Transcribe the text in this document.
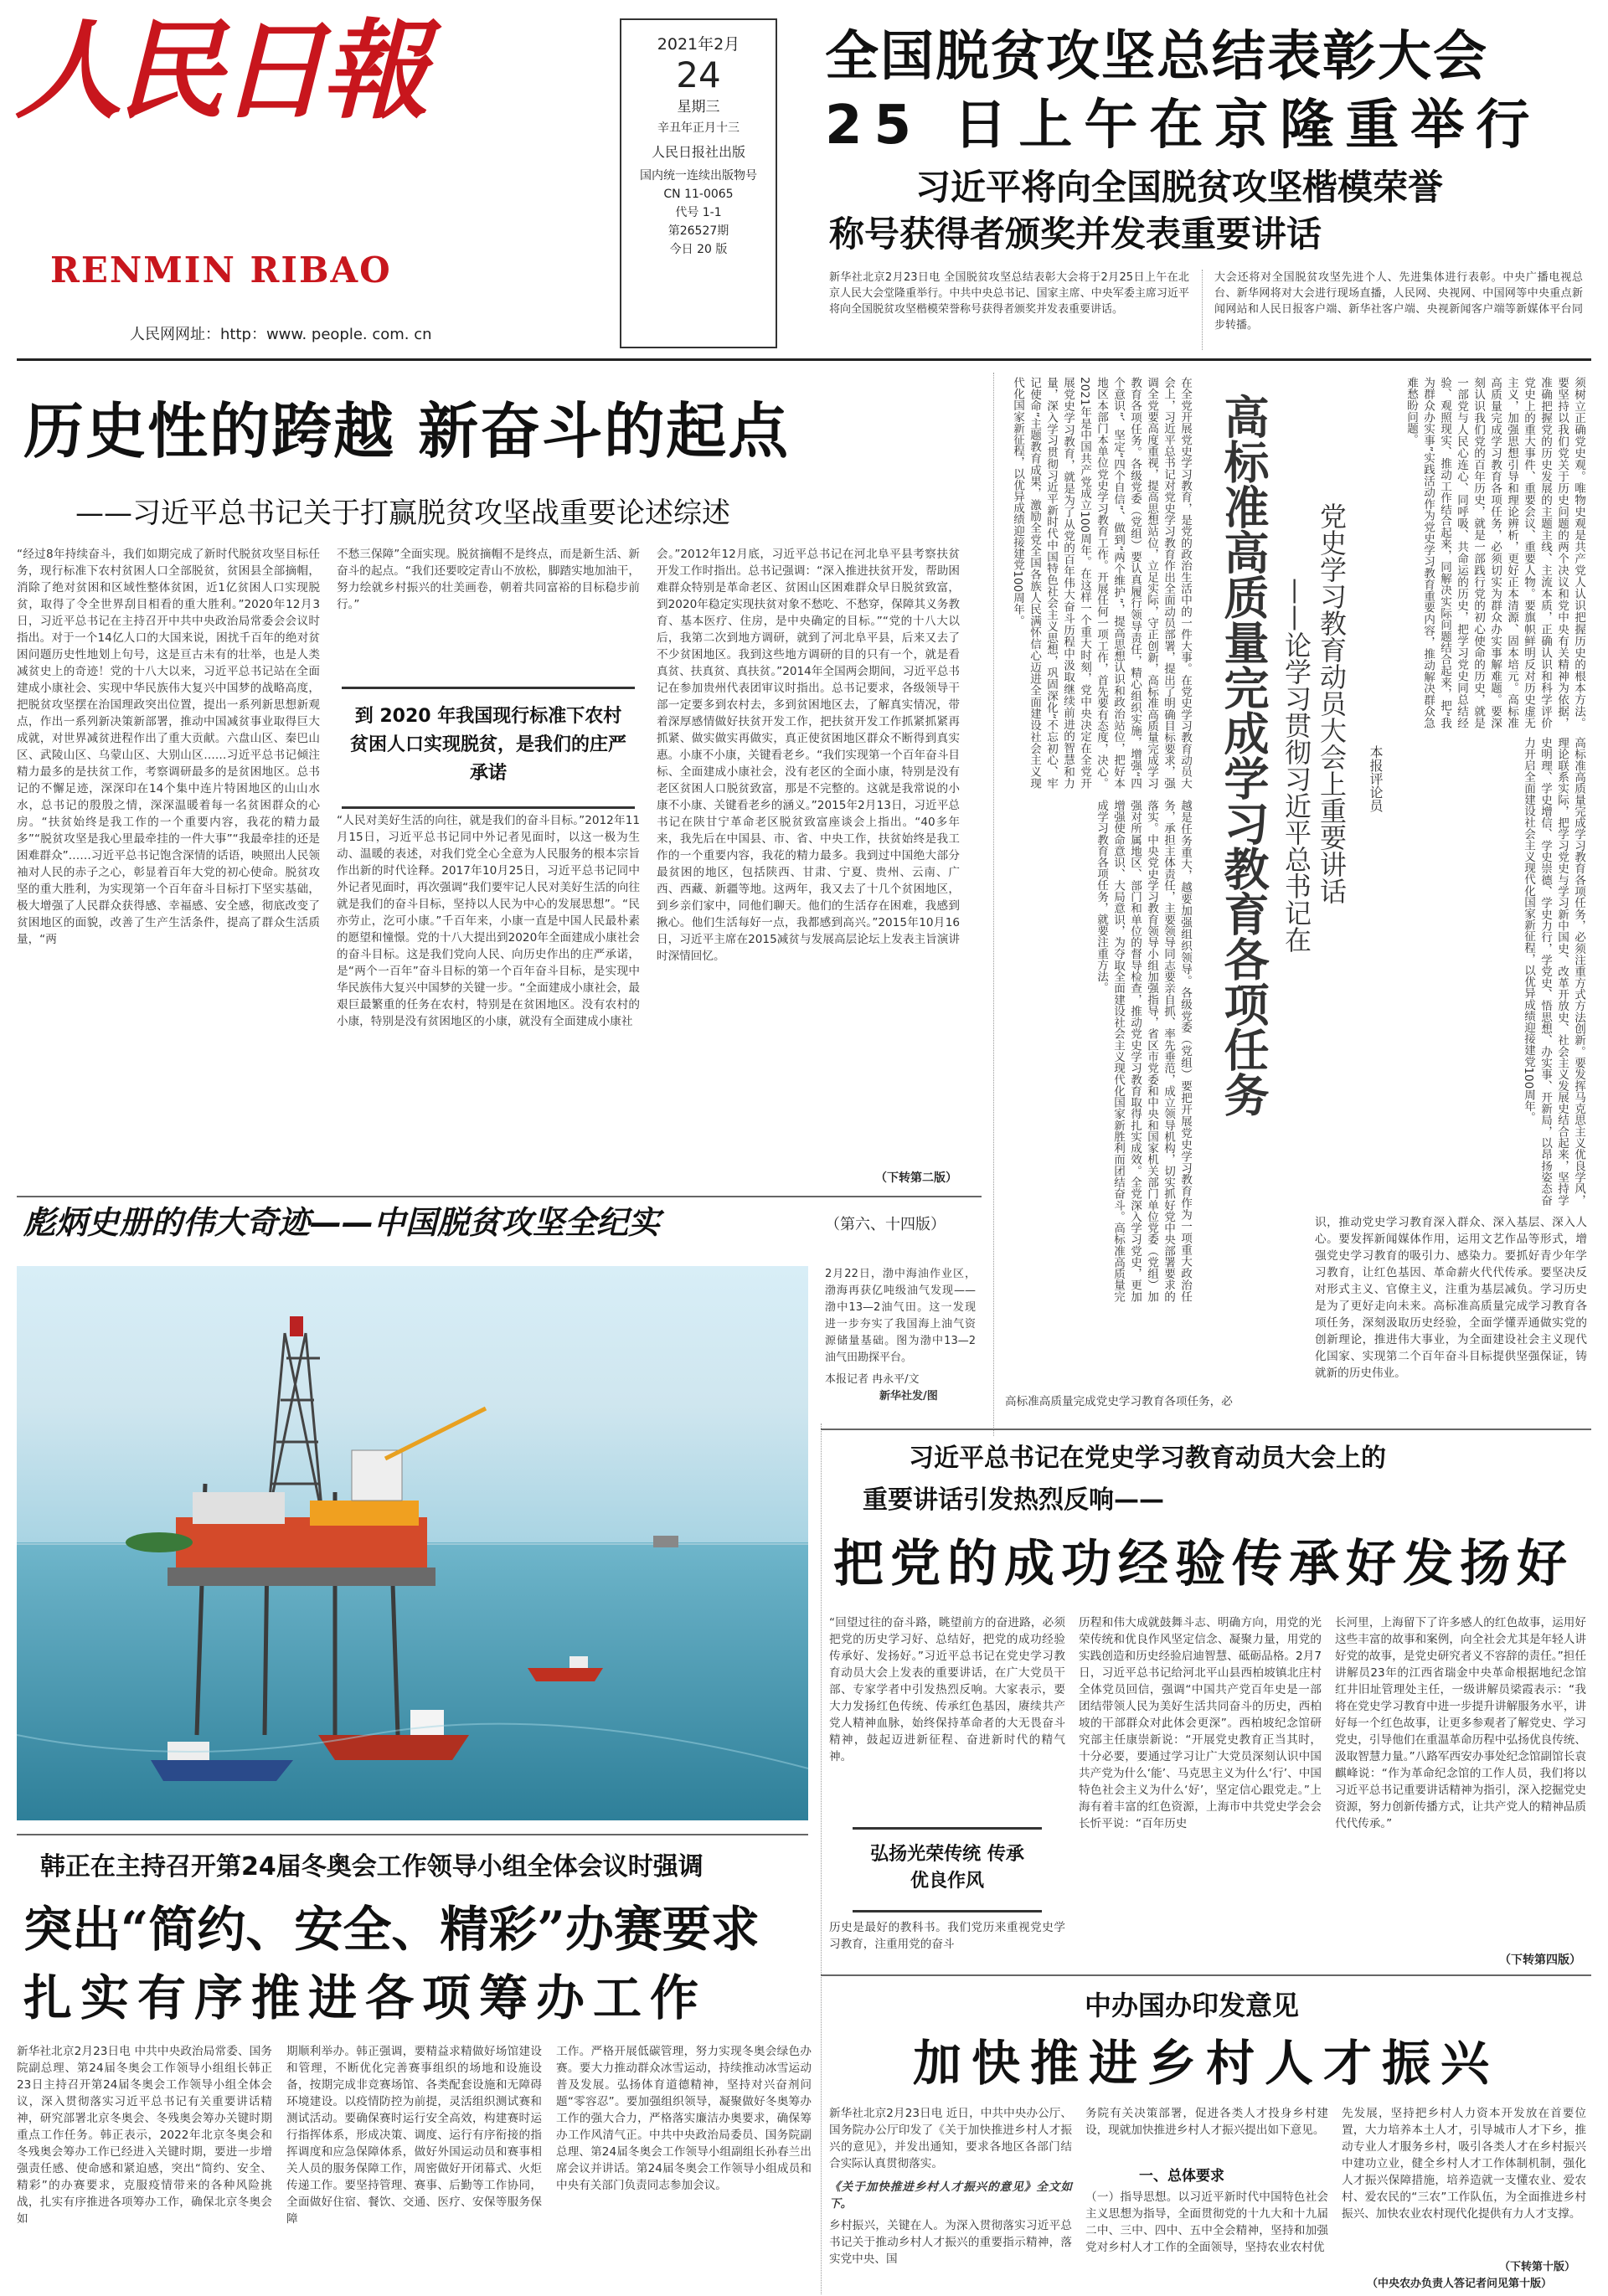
人民日報
RENMIN RIBAO
人民网网址：http：www. people. com. cn
2021年2月
24
星期三
辛丑年正月十三
人民日报社出版
国内统一连续出版物号
CN 11-0065
代号 1-1
第26527期
今日 20 版
全国脱贫攻坚总结表彰大会
25 日上午在京隆重举行
习近平将向全国脱贫攻坚楷模荣誉
称号获得者颁奖并发表重要讲话
新华社北京2月23日电 全国脱贫攻坚总结表彰大会将于2月25日上午在北京人民大会堂隆重举行。中共中央总书记、国家主席、中央军委主席习近平将向全国脱贫攻坚楷模荣誉称号获得者颁奖并发表重要讲话。
大会还将对全国脱贫攻坚先进个人、先进集体进行表彰。中央广播电视总台、新华网将对大会进行现场直播，人民网、央视网、中国网等中央重点新闻网站和人民日报客户端、新华社客户端、央视新闻客户端等新媒体平台同步转播。
历史性的跨越 新奋斗的起点
——习近平总书记关于打赢脱贫攻坚战重要论述综述
“经过8年持续奋斗，我们如期完成了新时代脱贫攻坚目标任务，现行标准下农村贫困人口全部脱贫，贫困县全部摘帽，消除了绝对贫困和区域性整体贫困，近1亿贫困人口实现脱贫，取得了令全世界刮目相看的重大胜利。”2020年12月3日，习近平总书记在主持召开中共中央政治局常委会会议时指出。对于一个14亿人口的大国来说，困扰千百年的绝对贫困问题历史性地划上句号，这是亘古未有的壮举，也是人类减贫史上的奇迹！党的十八大以来，习近平总书记站在全面建成小康社会、实现中华民族伟大复兴中国梦的战略高度，把脱贫攻坚摆在治国理政突出位置，提出一系列新思想新观点，作出一系列新决策新部署，推动中国减贫事业取得巨大成就，对世界减贫进程作出了重大贡献。六盘山区、秦巴山区、武陵山区、乌蒙山区、大别山区……习近平总书记倾注精力最多的是扶贫工作，考察调研最多的是贫困地区。总书记的不懈足迹，深深印在14个集中连片特困地区的山山水水，总书记的殷殷之情，深深温暖着每一名贫困群众的心房。“扶贫始终是我工作的一个重要内容，我花的精力最多”“脱贫攻坚是我心里最牵挂的一件大事”“我最牵挂的还是困难群众”……习近平总书记饱含深情的话语，映照出人民领袖对人民的赤子之心，彰显着百年大党的初心使命。脱贫攻坚的重大胜利，为实现第一个百年奋斗目标打下坚实基础，极大增强了人民群众获得感、幸福感、安全感，彻底改变了贫困地区的面貌，改善了生产生活条件，提高了群众生活质量，“两
不愁三保障”全面实现。脱贫摘帽不是终点，而是新生活、新奋斗的起点。“我们还要咬定青山不放松，脚踏实地加油干，努力绘就乡村振兴的壮美画卷，朝着共同富裕的目标稳步前行。”
到 2020 年我国现行标准下农村贫困人口实现脱贫，是我们的庄严承诺
“人民对美好生活的向往，就是我们的奋斗目标。”2012年11月15日，习近平总书记同中外记者见面时，以这一极为生动、温暖的表述，对我们党全心全意为人民服务的根本宗旨作出新的时代诠释。2017年10月25日，习近平总书记同中外记者见面时，再次强调“我们要牢记人民对美好生活的向往就是我们的奋斗目标，坚持以人民为中心的发展思想”。“民亦劳止，汔可小康。”千百年来，小康一直是中国人民最朴素的愿望和憧憬。党的十八大提出到2020年全面建成小康社会的奋斗目标。这是我们党向人民、向历史作出的庄严承诺，是“两个一百年”奋斗目标的第一个百年奋斗目标，是实现中华民族伟大复兴中国梦的关键一步。“全面建成小康社会，最艰巨最繁重的任务在农村，特别是在贫困地区。没有农村的小康，特别是没有贫困地区的小康，就没有全面建成小康社
会。”2012年12月底，习近平总书记在河北阜平县考察扶贫开发工作时指出。总书记强调：“深入推进扶贫开发，帮助困难群众特别是革命老区、贫困山区困难群众早日脱贫致富，到2020年稳定实现扶贫对象不愁吃、不愁穿，保障其义务教育、基本医疗、住房，是中央确定的目标。”“党的十八大以后，我第二次到地方调研，就到了河北阜平县，后来又去了不少贫困地区。我到这些地方调研的目的只有一个，就是看真贫、扶真贫、真扶贫。”2014年全国两会期间，习近平总书记在参加贵州代表团审议时指出。总书记要求，各级领导干部一定要多到农村去，多到贫困地区去，了解真实情况，带着深厚感情做好扶贫开发工作，把扶贫开发工作抓紧抓紧再抓紧、做实做实再做实，真正使贫困地区群众不断得到真实惠。小康不小康，关键看老乡。“我们实现第一个百年奋斗目标、全面建成小康社会，没有老区的全面小康，特别是没有老区贫困人口脱贫致富，那是不完整的。这就是我常说的小康不小康、关键看老乡的涵义。”2015年2月13日，习近平总书记在陕甘宁革命老区脱贫致富座谈会上指出。“40多年来，我先后在中国县、市、省、中央工作，扶贫始终是我工作的一个重要内容，我花的精力最多。我到过中国绝大部分最贫困的地区，包括陕西、甘肃、宁夏、贵州、云南、广西、西藏、新疆等地。这两年，我又去了十几个贫困地区，到乡亲们家中，同他们聊天。他们的生活存在困难，我感到揪心。他们生活每好一点，我都感到高兴。”2015年10月16日，习近平主席在2015减贫与发展高层论坛上发表主旨演讲时深情回忆。
（下转第二版）
在全党开展党史学习教育，是党的政治生活中的一件大事。在党史学习教育动员大会上，习近平总书记对党史学习教育作出全面动员部署，提出了明确目标要求，强调全党要高度重视，提高思想站位，立足实际，守正创新，高标准高质量完成学习教育各项任务。各级党委（党组）要认真履行领导责任，精心组织实施，增强“四个意识”、坚定“四个自信”、做到“两个维护”，提高思想认识和政治站位，把好本地区本部门本单位党史学习教育工作。开展任何一项工作，首先要有态度，决心。2021年是中国共产党成立100周年。在这样一个重大时刻，党中央决定在全党开展党史学习教育，就是为了从党的百年伟大奋斗历程中汲取继续前进的智慧和力量，深入学习贯彻习近平新时代中国特色社会主义思想，巩固深化“不忘初心、牢记使命”主题教育成果，激励全党全国各族人民满怀信心迈进全面建设社会主义现代化国家新征程，以优异成绩迎接建党100周年。	高标准高质量完成学习教育各项任务 党史学习教育动员大会上重要讲话
——论学习贯彻习近平总书记在	本报评论员
越是任务重大，越要加强组织领导。各级党委（党组）要把开展党史学习教育作为一项重大政治任务，承担主体责任，主要领导同志要亲自抓、率先垂范，成立领导机构，切实抓好党中央部署要求的落实。中央党史学习教育领导小组加强指导，省区市党委和中央和国家机关部门单位党委（党组）加强对所属地区、部门和单位的督导检查，推动党史学习教育取得扎实成效。全党深入学习党史，更加增强使命意识、大局意识，为夺取全面建设社会主义现代化国家新胜利而团结奋斗。高标准高质量完成学习教育各项任务，就要注重方法。
须树立正确党史观。唯物史观是共产党人认识把握历史的根本方法。要坚持以我们党关于历史问题的两个决议和党中央有关精神为依据，准确把握党的历史发展的主题主线、主流本质，正确认识和科学评价党史上的重大事件、重要会议、重要人物。要旗帜鲜明反对历史虚无主义，加强思想引导和理论辨析，更好正本清源、固本培元。高标准高质量完成学习教育各项任务，必须切实为群众办实事解难题。要深刻认识我们党的百年历史，就是一部践行党的初心使命的历史，就是一部党与人民心连心、同呼吸、共命运的历史，把学习党史同总结经验、观照现实、推动工作结合起来，同解决实际问题结合起来，把“我为群众办实事”实践活动作为党史学习教育重要内容，推动解决群众急难愁盼问题。
高标准高质量完成学习教育各项任务，必须注重方式方法创新。要发挥马克思主义优良学风，理论联系实际，把学习党史与学习新中国史、改革开放史、社会主义发展史结合起来，坚持学史明理、学史增信、学史崇德、学史力行，学党史、悟思想、办实事、开新局，以昂扬姿态奋力开启全面建设社会主义现代化国家新征程，以优异成绩迎接建党100周年。
识，推动党史学习教育深入群众、深入基层、深入人心。要发挥新闻媒体作用，运用文艺作品等形式，增强党史学习教育的吸引力、感染力。要抓好青少年学习教育，让红色基因、革命薪火代代传承。要坚决反对形式主义、官僚主义，注重为基层减负。学习历史是为了更好走向未来。高标准高质量完成学习教育各项任务，深刻汲取历史经验，全面学懂弄通做实党的创新理论，推进伟大事业，为全面建设社会主义现代化国家、实现第二个百年奋斗目标提供坚强保证，铸就新的历史伟业。
高标准高质量完成党史学习教育各项任务，必
彪炳史册的伟大奇迹——中国脱贫攻坚全纪实	（第六、十四版）
2月22日，渤中海油作业区，渤海再获亿吨级油气发现——渤中13—2油气田。这一发现进一步夯实了我国海上油气资源储量基础。图为渤中13—2油气田勘探平台。
本报记者 冉永平/文
新华社发/图
韩正在主持召开第24届冬奥会工作领导小组全体会议时强调
突出“简约、安全、精彩”办赛要求
扎实有序推进各项筹办工作
新华社北京2月23日电 中共中央政治局常委、国务院副总理、第24届冬奥会工作领导小组组长韩正23日主持召开第24届冬奥会工作领导小组全体会议，深入贯彻落实习近平总书记有关重要讲话精神，研究部署北京冬奥会、冬残奥会筹办关键时期重点工作任务。韩正表示，2022年北京冬奥会和冬残奥会筹办工作已经进入关键时期，要进一步增强责任感、使命感和紧迫感，突出“简约、安全、精彩”的办赛要求，克服疫情带来的各种风险挑战，扎实有序推进各项筹办工作，确保北京冬奥会如
期顺利举办。韩正强调，要精益求精做好场馆建设和管理，不断优化完善赛事组织的场地和设施设备，按期完成非竞赛场馆、各类配套设施和无障碍环境建设。以疫情防控为前提，灵活组织测试赛和测试活动。要确保赛时运行安全高效，构建赛时运行指挥体系，形成决策、调度、运行有序衔接的指挥调度和应急保障体系，做好外国运动员和赛事相关人员的服务保障工作，周密做好开闭幕式、火炬传递工作。要坚持管理、赛事、后勤等工作协同，全面做好住宿、餐饮、交通、医疗、安保等服务保障
工作。严格开展低碳管理，努力实现冬奥会绿色办赛。要大力推动群众冰雪运动，持续推动冰雪运动普及发展。弘扬体育道德精神，坚持对兴奋剂问题“零容忍”。要加强组织领导，凝聚做好冬奥筹办工作的强大合力，严格落实廉洁办奥要求，确保筹办工作风清气正。中共中央政治局委员、国务院副总理、第24届冬奥会工作领导小组副组长孙春兰出席会议并讲话。第24届冬奥会工作领导小组成员和中央有关部门负责同志参加会议。
习近平总书记在党史学习教育动员大会上的
重要讲话引发热烈反响——
把党的成功经验传承好发扬好
“回望过往的奋斗路，眺望前方的奋进路，必须把党的历史学习好、总结好，把党的成功经验传承好、发扬好。”习近平总书记在党史学习教育动员大会上发表的重要讲话，在广大党员干部、专家学者中引发热烈反响。大家表示，要大力发扬红色传统、传承红色基因，赓续共产党人精神血脉，始终保持革命者的大无畏奋斗精神，鼓起迈进新征程、奋进新时代的精气神。
弘扬光荣传统 传承优良作风
历史是最好的教科书。我们党历来重视党史学习教育，注重用党的奋斗
历程和伟大成就鼓舞斗志、明确方向，用党的光荣传统和优良作风坚定信念、凝聚力量，用党的实践创造和历史经验启迪智慧、砥砺品格。2月7日，习近平总书记给河北平山县西柏坡镇北庄村全体党员回信，强调“中国共产党百年史是一部团结带领人民为美好生活共同奋斗的历史，西柏坡的干部群众对此体会更深”。西柏坡纪念馆研究部主任康崇新说：“开展党史教育正当其时，十分必要，要通过学习让广大党员深刻认识中国共产党为什么‘能’、马克思主义为什么‘行’、中国特色社会主义为什么‘好’，坚定信心跟党走。”上海有着丰富的红色资源，上海市中共党史学会会长忻平说：“百年历史
长河里，上海留下了许多感人的红色故事，运用好这些丰富的故事和案例，向全社会尤其是年轻人讲好党的故事，是党史研究者义不容辞的责任。”担任讲解员23年的江西省瑞金中央革命根据地纪念馆红井旧址管理处主任，一级讲解员梁霞表示：“我将在党史学习教育中进一步提升讲解服务水平，讲好每一个红色故事，让更多参观者了解党史、学习党史，引导他们在重温革命历程中弘扬优良传统、汲取智慧力量。”八路军西安办事处纪念馆副馆长袁麒峰说：“作为革命纪念馆的工作人员，我们将以习近平总书记重要讲话精神为指引，深入挖掘党史资源，努力创新传播方式，让共产党人的精神品质代代传承。”
（下转第四版）
中办国办印发意见
加快推进乡村人才振兴
新华社北京2月23日电 近日，中共中央办公厅、国务院办公厅印发了《关于加快推进乡村人才振兴的意见》，并发出通知，要求各地区各部门结合实际认真贯彻落实。
《关于加快推进乡村人才振兴的意见》全文如下。
乡村振兴，关键在人。为深入贯彻落实习近平总书记关于推动乡村人才振兴的重要指示精神，落实党中央、国
务院有关决策部署，促进各类人才投身乡村建设，现就加快推进乡村人才振兴提出如下意见。
一、总体要求
（一）指导思想。以习近平新时代中国特色社会主义思想为指导，全面贯彻党的十九大和十九届二中、三中、四中、五中全会精神，坚持和加强党对乡村人才工作的全面领导，坚持农业农村优
先发展，坚持把乡村人力资本开发放在首要位置，大力培养本土人才，引导城市人才下乡，推动专业人才服务乡村，吸引各类人才在乡村振兴中建功立业，健全乡村人才工作体制机制，强化人才振兴保障措施，培养造就一支懂农业、爱农村、爱农民的“三农”工作队伍，为全面推进乡村振兴、加快农业农村现代化提供有力人才支撑。
（下转第十版）
（中央农办负责人答记者问见第十版）
